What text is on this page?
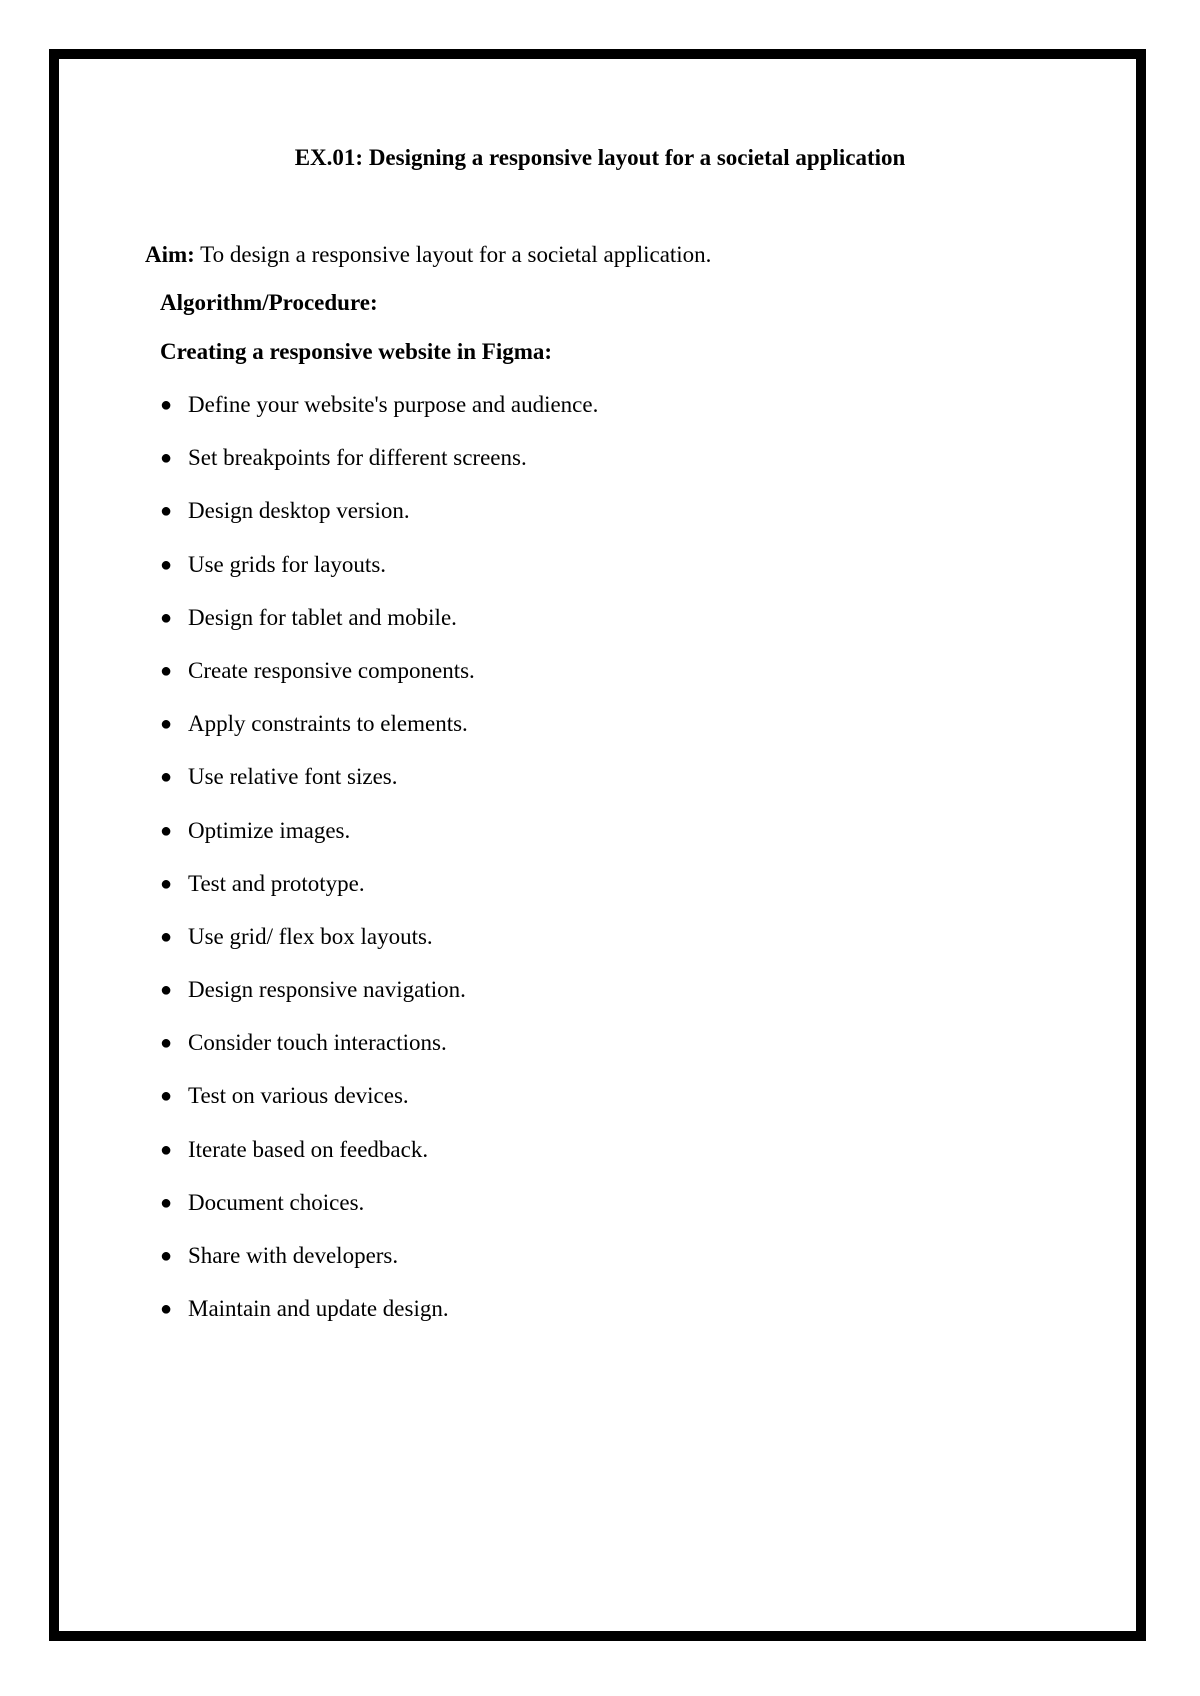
EX.01: Designing a responsive layout for a societal application

Aim: To design a responsive layout for a societal application.

Algorithm/Procedure:
Creating a responsive website in Figma:
● Define your website's purpose and audience.
● Set breakpoints for different screens.
● Design desktop version.
● Use grids for layouts.
● Design for tablet and mobile.
● Create responsive components.
● Apply constraints to elements.
● Use relative font sizes.
● Optimize images.
● Test and prototype.
● Use grid/ flex box layouts.
● Design responsive navigation.
● Consider touch interactions.
● Test on various devices.
● Iterate based on feedback.
● Document choices.
● Share with developers.
● Maintain and update design.
